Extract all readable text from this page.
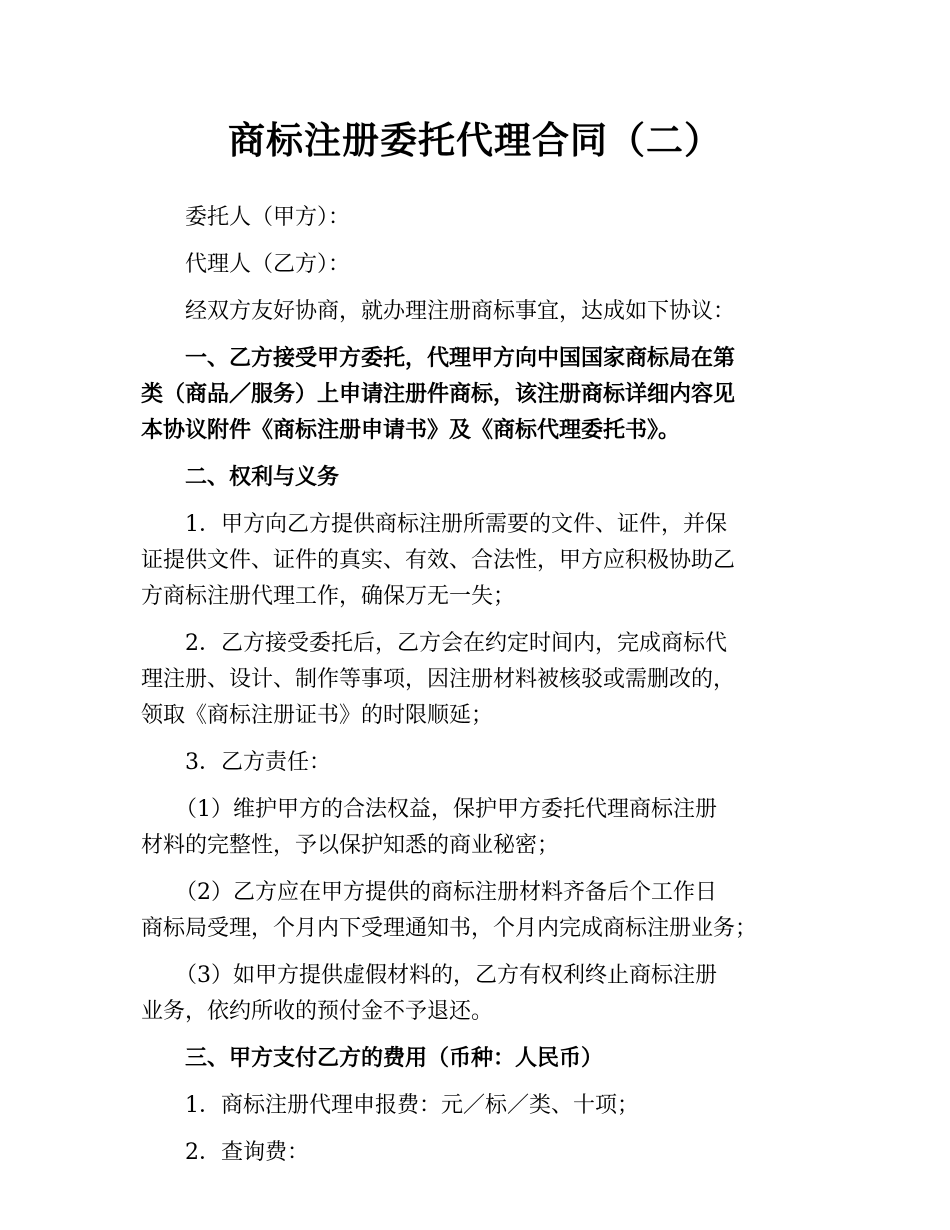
商标注册委托代理合同（二）

委托人（甲方）：

代理人（乙方）：

经双方友好协商，就办理注册商标事宜，达成如下协议：

一、乙方接受甲方委托，代理甲方向中国国家商标局在第
类（商品／服务）上申请注册件商标，该注册商标详细内容见
本协议附件《商标注册申请书》及《商标代理委托书》。

二、权利与义务

1．甲方向乙方提供商标注册所需要的文件、证件，并保
证提供文件、证件的真实、有效、合法性，甲方应积极协助乙
方商标注册代理工作，确保万无一失；

2．乙方接受委托后，乙方会在约定时间内，完成商标代
理注册、设计、制作等事项，因注册材料被核驳或需删改的，
领取《商标注册证书》的时限顺延；

3．乙方责任：

（1）维护甲方的合法权益，保护甲方委托代理商标注册
材料的完整性，予以保护知悉的商业秘密；

（2）乙方应在甲方提供的商标注册材料齐备后个工作日
商标局受理，个月内下受理通知书，个月内完成商标注册业务；

（3）如甲方提供虚假材料的，乙方有权利终止商标注册
业务，依约所收的预付金不予退还。

三、甲方支付乙方的费用（币种：人民币）

1．商标注册代理申报费：元／标／类、十项；

2．查询费：
